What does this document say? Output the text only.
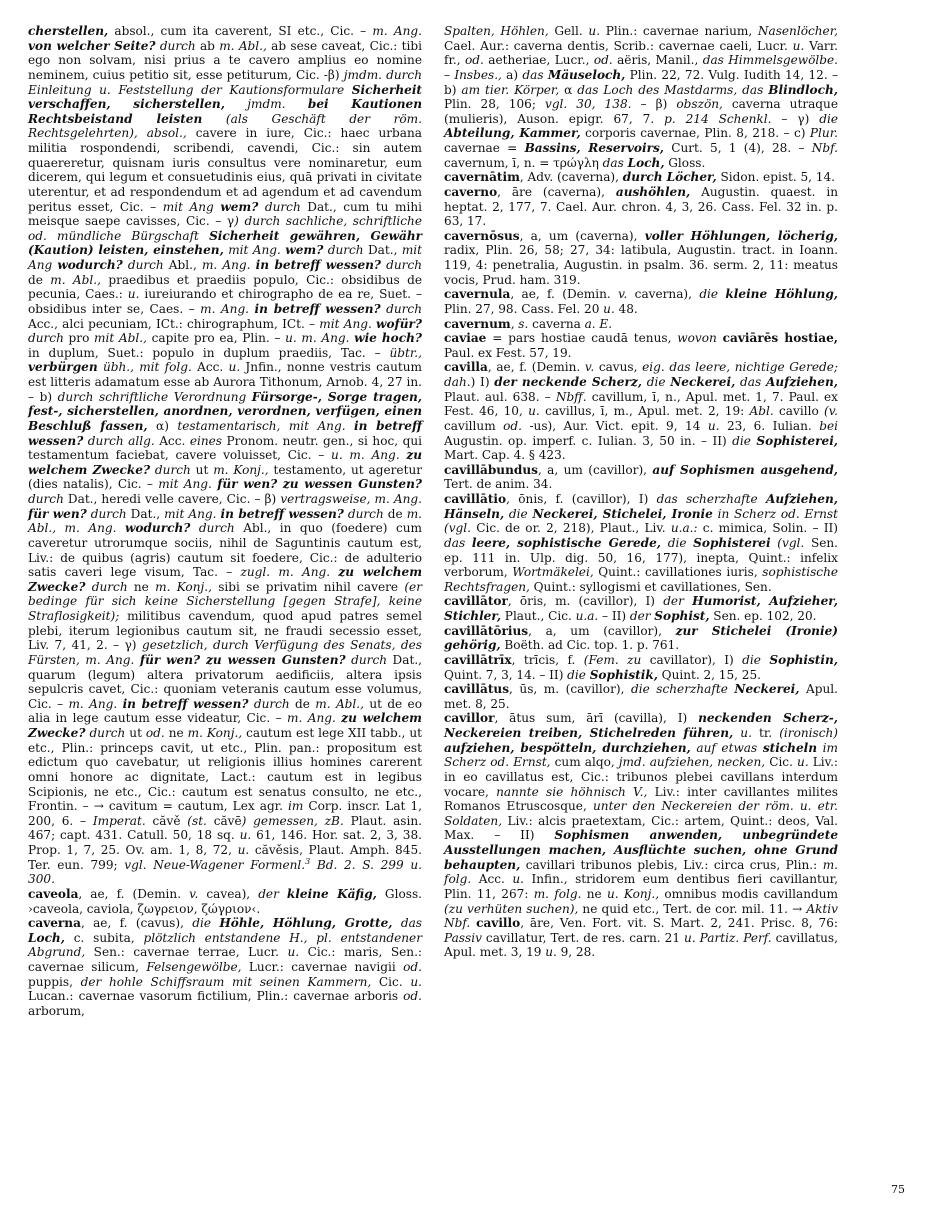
cherstellen, absol., cum ita caverent, SI etc., Cic. – m. Ang. von welcher Seite? durch ab m. Abl., ab sese caveat, Cic.: tibi ego non solvam, nisi prius a te cavero amplius eo nomine neminem, cuius petitio sit, esse petiturum, Cic. -β) jmdm. durch Einleitung u. Feststellung der Kautionsformulare Sicherheit verschaffen, sicherstellen, jmdm. bei Kautionen Rechtsbeistand leisten (als Geschäft der röm. Rechtsgelehrten), absol., cavere in iure, Cic.: haec urbana militia rospondendi, scribendi, cavendi, Cic.: sin autem quaereretur, quisnam iuris consultus vere nominaretur, eum dicerem, qui legum et consuetudinis eius, quā privati in civitate uterentur, et ad respondendum et ad agendum et ad cavendum peritus esset, Cic. – mit Ang wem? durch Dat., cum tu mihi meisque saepe cavisses, Cic. – γ) durch sachliche, schriftliche od. mündliche Bürgschaft Sicherheit gewähren, Gewähr (Kaution) leisten, einstehen, mit Ang. wem? durch Dat., mit Ang wodurch? durch Abl., m. Ang. in betreff wessen? durch de m. Abl., praedibus et praediis populo, Cic.: obsidibus de pecunia, Caes.: u. iureiurando et chirographo de ea re, Suet. – obsidibus inter se, Caes. – m. Ang. in betreff wessen? durch Acc., alci pecuniam, ICt.: chirographum, ICt. – mit Ang. wofür? durch pro mit Abl., capite pro ea, Plin. – u. m. Ang. wie hoch? in duplum, Suet.: populo in duplum praediis, Tac. – übtr., verbürgen übh., mit folg. Acc. u. Jnfin., nonne vestris cautum est litteris adamatum esse ab Aurora Tithonum, Arnob. 4, 27 in. – b) durch schriftliche Verordnung Fürsorge-, Sorge tragen, fest-, sicherstellen, anordnen, verordnen, verfügen, einen Beschluß fassen, α) testamentarisch, mit Ang. in betreff wessen? durch allg. Acc. eines Pronom. neutr. gen., si hoc, qui testamentum faciebat, cavere voluisset, Cic. – u. m. Ang. zu welchem Zwecke? durch ut m. Konj., testamento, ut ageretur (dies natalis), Cic. – mit Ang. für wen? zu wessen Gunsten? durch Dat., heredi velle cavere, Cic. – β) vertragsweise, m. Ang. für wen? durch Dat., mit Ang. in betreff wessen? durch de m. Abl., m. Ang. wodurch? durch Abl., in quo (foedere) cum caveretur utrorumque sociis, nihil de Saguntinis cautum est, Liv.: de quibus (agris) cautum sit foedere, Cic.: de adulterio satis caveri lege visum, Tac. – zugl. m. Ang. zu welchem Zwecke? durch ne m. Konj., sibi se privatim nihil cavere (er bedinge für sich keine Sicherstellung [gegen Strafe], keine Straflosigkeit); militibus cavendum, quod apud patres semel plebi, iterum legionibus cautum sit, ne fraudi secessio esset, Liv. 7, 41, 2. – γ) gesetzlich, durch Verfügung des Senats, des Fürsten, m. Ang. für wen? zu wessen Gunsten? durch Dat., quarum (legum) altera privatorum aedificiis, altera ipsis sepulcris cavet, Cic.: quoniam veteranis cautum esse volumus, Cic. – m. Ang. in betreff wessen? durch de m. Abl., ut de eo alia in lege cautum esse videatur, Cic. – m. Ang. zu welchem Zwecke? durch ut od. ne m. Konj., cautum est lege XII tabb., ut etc., Plin.: princeps cavit, ut etc., Plin. pan.: propositum est edictum quo cavebatur, ut religionis illius homines carerent omni honore ac dignitate, Lact.: cautum est in legibus Scipionis, ne etc., Cic.: cautum est senatus consulto, ne etc., Frontin. – → cavitum = cautum, Lex agr. im Corp. inscr. Lat 1, 200, 6. – Imperat. căvě (st. căvē) gemessen, zB. Plaut. asin. 467; capt. 431. Catull. 50, 18 sq. u. 61, 146. Hor. sat. 2, 3, 38. Prop. 1, 7, 25. Ov. am. 1, 8, 72, u. căvěsis, Plaut. Amph. 845. Ter. eun. 799; vgl. Neue-Wagener Formenl.$^3$ Bd. 2. S. 299 u. 300.

caveola, ae, f. (Demin. v. cavea), der kleine Käfig, Gloss. ›caveola, caviola, ζωγρειον, ζώγριον‹.

caverna, ae, f. (cavus), die Höhle, Höhlung, Grotte, das Loch, c. subita, plötzlich entstandene H., pl. entstandener Abgrund, Sen.: cavernae terrae, Lucr. u. Cic.: maris, Sen.: cavernae silicum, Felsengewölbe, Lucr.: cavernae navigii od. puppis, der hohle Schiffsraum mit seinen Kammern, Cic. u. Lucan.: cavernae vasorum fictilium, Plin.: cavernae arboris od. arborum,

Spalten, Höhlen, Gell. u. Plin.: cavernae narium, Nasenlöcher, Cael. Aur.: caverna dentis, Scrib.: cavernae caeli, Lucr. u. Varr. fr., od. aetheriae, Lucr., od. aëris, Manil., das Himmelsgewölbe. – Insbes., a) das Mäuseloch, Plin. 22, 72. Vulg. Iudith 14, 12. – b) am tier. Körper, α das Loch des Mastdarms, das Blindloch, Plin. 28, 106; vgl. 30, 138. – β) obszön, caverna utraque (mulieris), Auson. epigr. 67, 7. p. 214 Schenkl. – γ) die Abteilung, Kammer, corporis cavernae, Plin. 8, 218. – c) Plur. cavernae = Bassins, Reservoirs, Curt. 5, 1 (4), 28. – Nbf. cavernum, ī, n. = τρώγλη das Loch, Gloss.

cavernātim, Adv. (caverna), durch Löcher, Sidon. epist. 5, 14.

caverno, āre (caverna), aushöhlen, Augustin. quaest. in heptat. 2, 177, 7. Cael. Aur. chron. 4, 3, 26. Cass. Fel. 32 in. p. 63, 17.

cavernōsus, a, um (caverna), voller Höhlungen, löcherig, radix, Plin. 26, 58; 27, 34: latibula, Augustin. tract. in Ioann. 119, 4: penetralia, Augustin. in psalm. 36. serm. 2, 11: meatus vocis, Prud. ham. 319.

cavernula, ae, f. (Demin. v. caverna), die kleine Höhlung, Plin. 27, 98. Cass. Fel. 20 u. 48.

cavernum, s. caverna a. E.

caviae = pars hostiae caudā tenus, wovon caviārēs hostiae, Paul. ex Fest. 57, 19.

cavilla, ae, f. (Demin. v. cavus, eig. das leere, nichtige Gerede; dah.) I) der neckende Scherz, die Neckerei, das Aufziehen, Plaut. aul. 638. – Nbff. cavillum, ī, n., Apul. met. 1, 7. Paul. ex Fest. 46, 10, u. cavillus, ī, m., Apul. met. 2, 19: Abl. cavillo (v. cavillum od. -us), Aur. Vict. epit. 9, 14 u. 23, 6. Iulian. bei Augustin. op. imperf. c. Iulian. 3, 50 in. – II) die Sophisterei, Mart. Cap. 4. § 423.

cavillābundus, a, um (cavillor), auf Sophismen ausgehend, Tert. de anim. 34.

cavillātio, ōnis, f. (cavillor), I) das scherzhafte Aufziehen, Hänseln, die Neckerei, Stichelei, Ironie in Scherz od. Ernst (vgl. Cic. de or. 2, 218), Plaut., Liv. u.a.: c. mimica, Solin. – II) das leere, sophistische Gerede, die Sophisterei (vgl. Sen. ep. 111 in. Ulp. dig. 50, 16, 177), inepta, Quint.: infelix verborum, Wortmäkelei, Quint.: cavillationes iuris, sophistische Rechtsfragen, Quint.: syllogismi et cavillationes, Sen.

cavillātor, ōris, m. (cavillor), I) der Humorist, Aufzieher, Stichler, Plaut., Cic. u.a. – II) der Sophist, Sen. ep. 102, 20.

cavillātōrius, a, um (cavillor), zur Stichelei (Ironie) gehörig, Boëth. ad Cic. top. 1. p. 761.

cavillātrīx, trīcis, f. (Fem. zu cavillator), I) die Sophistin, Quint. 7, 3, 14. – II) die Sophistik, Quint. 2, 15, 25.

cavillātus, ūs, m. (cavillor), die scherzhafte Neckerei, Apul. met. 8, 25.

cavillor, ātus sum, ārī (cavilla), I) neckenden Scherz-, Neckereien treiben, Stichelreden führen, u. tr. (ironisch) aufziehen, bespötteln, durchziehen, auf etwas sticheln im Scherz od. Ernst, cum alqo, jmd. aufziehen, necken, Cic. u. Liv.: in eo cavillatus est, Cic.: tribunos plebei cavillans interdum vocare, nannte sie höhnisch V., Liv.: inter cavillantes milites Romanos Etruscosque, unter den Neckereien der röm. u. etr. Soldaten, Liv.: alcis praetextam, Cic.: artem, Quint.: deos, Val. Max. – II) Sophismen anwenden, unbegründete Ausstellungen machen, Ausflüchte suchen, ohne Grund behaupten, cavillari tribunos plebis, Liv.: circa crus, Plin.: m. folg. Acc. u. Infin., stridorem eum dentibus fieri cavillantur, Plin. 11, 267: m. folg. ne u. Konj., omnibus modis cavillandum (zu verhüten suchen), ne quid etc., Tert. de cor. mil. 11. → Aktiv Nbf. cavillo, āre, Ven. Fort. vit. S. Mart. 2, 241. Prisc. 8, 76: Passiv cavillatur, Tert. de res. carn. 21 u. Partiz. Perf. cavillatus, Apul. met. 3, 19 u. 9, 28.

75
